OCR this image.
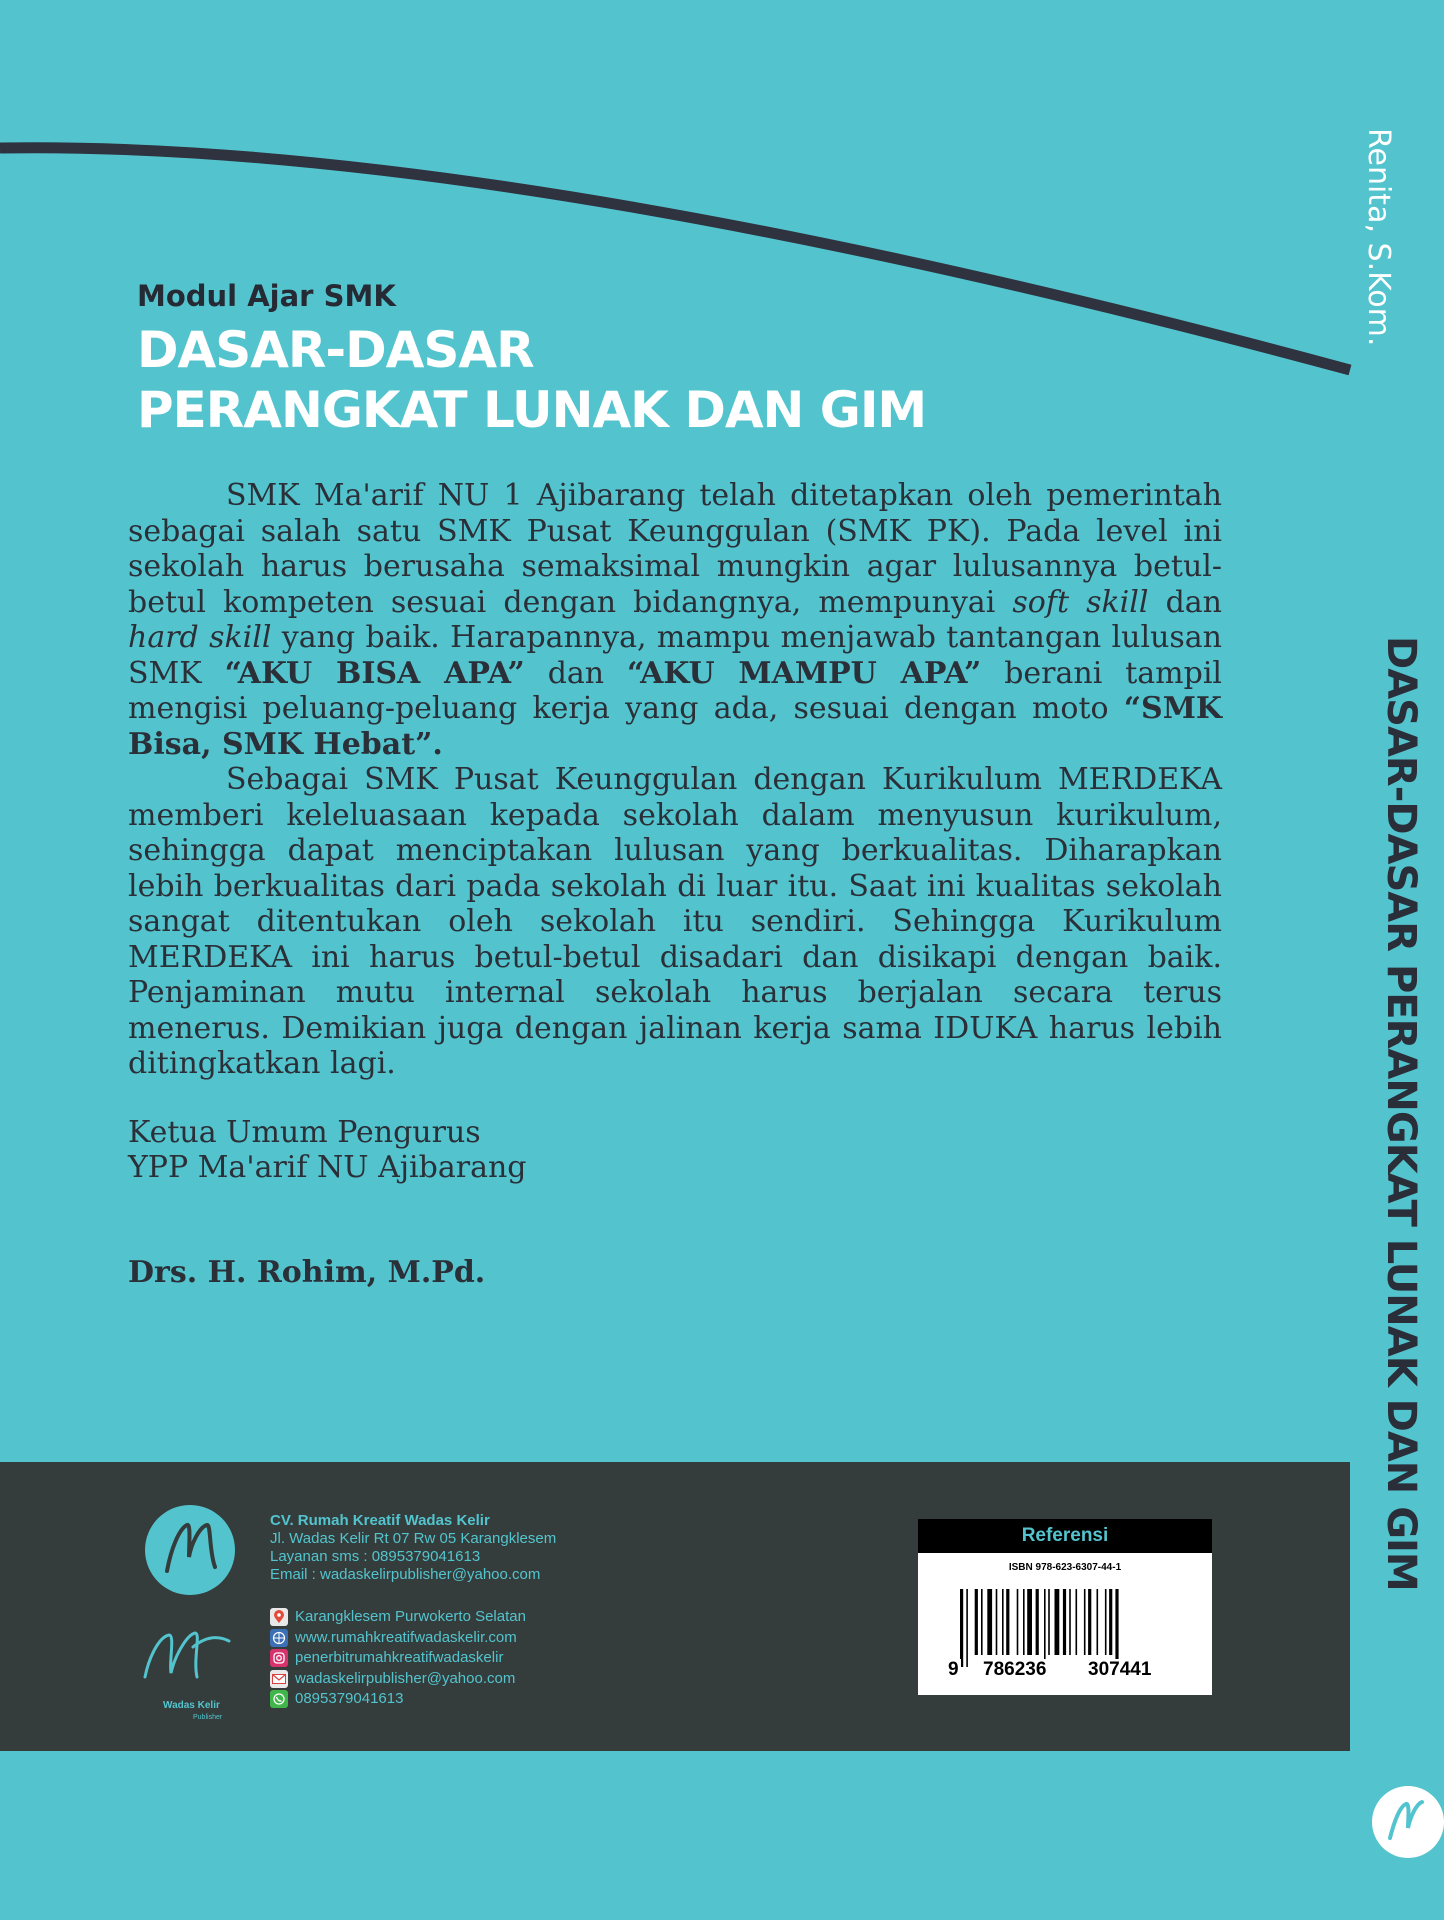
Modul Ajar SMK
DASAR-DASAR
PERANGKAT LUNAK DAN GIM

SMK Ma'arif NU 1 Ajibarang telah ditetapkan oleh pemerintah sebagai salah satu SMK Pusat Keunggulan (SMK PK). Pada level ini sekolah harus berusaha semaksimal mungkin agar lulusannya betul-betul kompeten sesuai dengan bidangnya, mempunyai soft skill dan hard skill yang baik. Harapannya, mampu menjawab tantangan lulusan SMK “AKU BISA APA” dan “AKU MAMPU APA” berani tampil mengisi peluang-peluang kerja yang ada, sesuai dengan moto “SMK Bisa, SMK Hebat”.

Sebagai SMK Pusat Keunggulan dengan Kurikulum MERDEKA memberi keleluasaan kepada sekolah dalam menyusun kurikulum, sehingga dapat menciptakan lulusan yang berkualitas. Diharapkan lebih berkualitas dari pada sekolah di luar itu. Saat ini kualitas sekolah sangat ditentukan oleh sekolah itu sendiri. Sehingga Kurikulum MERDEKA ini harus betul-betul disadari dan disikapi dengan baik. Penjaminan mutu internal sekolah harus berjalan secara terus menerus. Demikian juga dengan jalinan kerja sama IDUKA harus lebih ditingkatkan lagi.

Ketua Umum Pengurus
YPP Ma'arif NU Ajibarang
Drs. H. Rohim, M.Pd.
Renita, S.Kom.
DASAR-DASAR PERANGKAT LUNAK DAN GIM
Wadas Kelir
Publisher
CV. Rumah Kreatif Wadas Kelir
Jl. Wadas Kelir Rt 07 Rw 05 Karangklesem
Layanan sms : 0895379041613
Email : wadaskelirpublisher@yahoo.com
Karangklesem Purwokerto Selatan
www.rumahkreatifwadaskelir.com
penerbitrumahkreatifwadaskelir
wadaskelirpublisher@yahoo.com
0895379041613
Referensi
ISBN 978-623-6307-44-1
9 786236 307441
